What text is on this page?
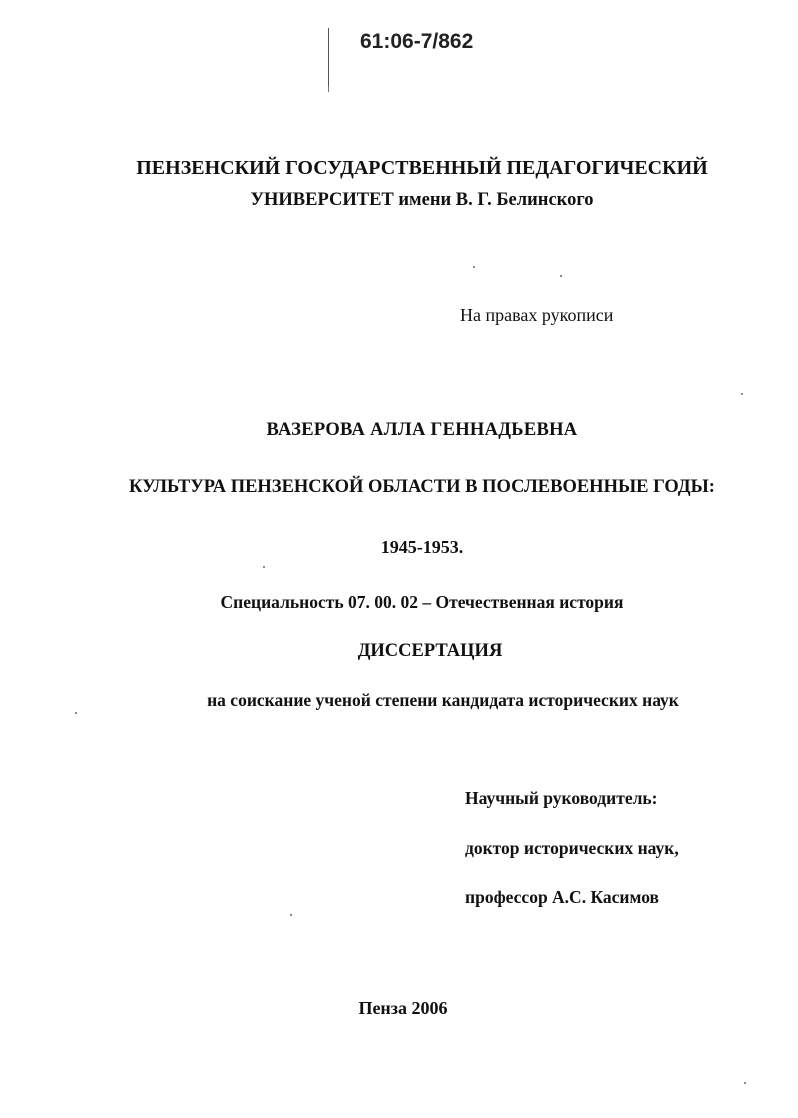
61:06-7/862
ПЕНЗЕНСКИЙ ГОСУДАРСТВЕННЫЙ ПЕДАГОГИЧЕСКИЙ
УНИВЕРСИТЕТ имени В. Г. Белинского
На правах рукописи
ВАЗЕРОВА АЛЛА ГЕННАДЬЕВНА
КУЛЬТУРА ПЕНЗЕНСКОЙ ОБЛАСТИ В ПОСЛЕВОЕННЫЕ ГОДЫ:
1945-1953.
Специальность 07. 00. 02 – Отечественная история
ДИССЕРТАЦИЯ
на соискание ученой степени кандидата исторических наук
Научный руководитель:
доктор исторических наук,
профессор А.С. Касимов
Пенза 2006
